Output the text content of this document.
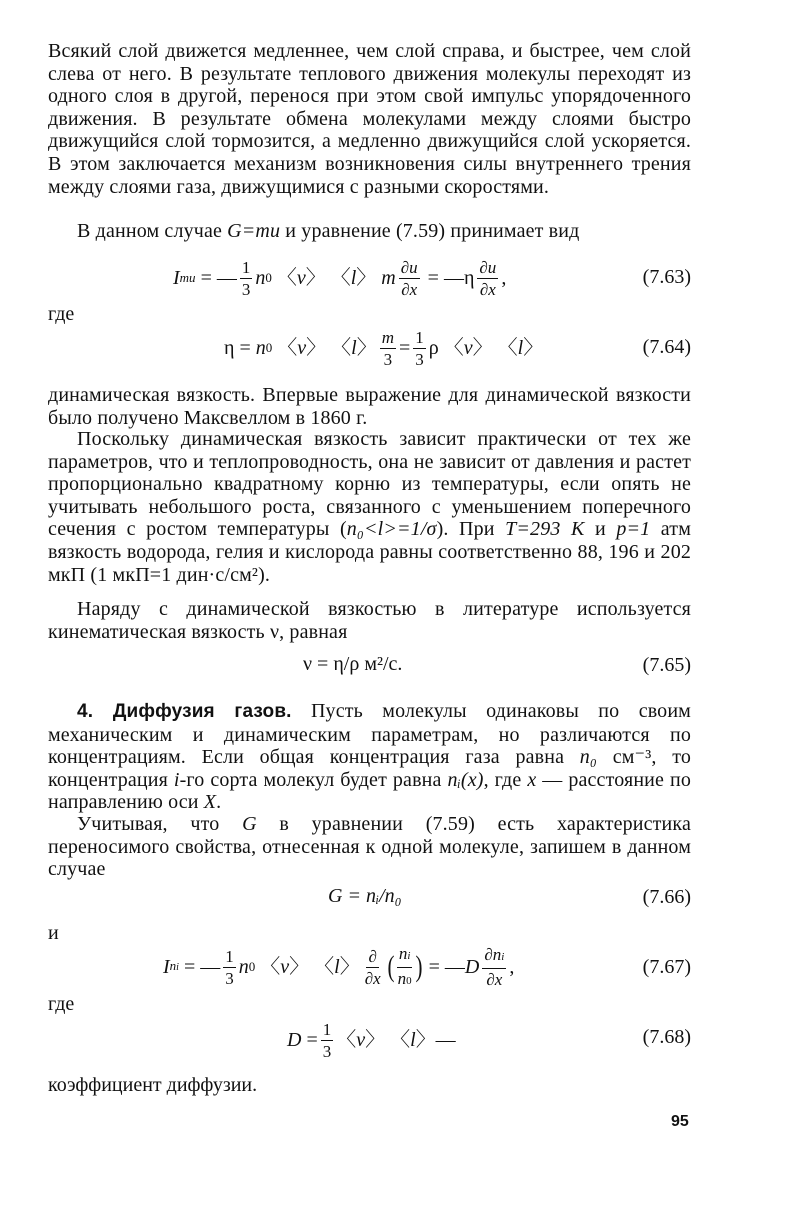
Всякий слой движется медленнее, чем слой справа, и быстрее, чем слой слева от него. В результате теплового движения молекулы переходят из одного слоя в другой, перенося при этом свой импульс упорядоченного движения. В результате обмена молекулами между слоями быстро движущийся слой тормозится, а медленно движущийся слой ускоряется. В этом заключается механизм возникновения силы внутреннего трения между слоями газа, движущимися с разными скоростями.

В данном случае G=mu и уравнение (7.59) принимает вид

I mu = — $\frac{1}{3}$ n 0 〈 v 〉 〈 l 〉 m $\frac{\partial u}{\partial x}$ = —η $\frac{\partial u}{\partial x}$ ,	(7.63)

где

η = n 0 〈 v 〉 〈 l 〉 $\frac{m}{3} = \frac{1}{3}$ ρ 〈 v 〉 〈 l 〉	(7.64)

динамическая вязкость. Впервые выражение для динамической вязкости было получено Максвеллом в 1860 г.

Поскольку динамическая вязкость зависит практически от тех же параметров, что и теплопроводность, она не зависит от давления и растет пропорционально квадратному корню из температуры, если опять не учитывать небольшого роста, связанного с уменьшением поперечного сечения с ростом температуры (n₀<l>=1/σ). При T=293 К и p=1 атм вязкость водорода, гелия и кислорода равны соответственно 88, 196 и 202 мкП (1 мкП=1 дин·с/см²).

Наряду с динамической вязкостью в литературе используется кинематическая вязкость ν, равная

ν = η/ρ м²/с.	(7.65)

4. Диффузия газов. Пусть молекулы одинаковы по своим механическим и динамическим параметрам, но различаются по концентрациям. Если общая концентрация газа равна n₀ см⁻³, то концентрация i-го сорта молекул будет равна nᵢ(x), где x — расстояние по направлению оси X.

Учитывая, что G в уравнении (7.59) есть характеристика переносимого свойства, отнесенная к одной молекуле, запишем в данном случае

G = nᵢ/n₀	(7.66)

и

I ni = — $\frac{1}{3}$ n 0 〈 v 〉 〈 l 〉 $\frac{\partial}{\partial x}$ ( $\frac{ni}{n0}$ ) = — D $\frac{\partial ni}{\partial x}$ ,	(7.67)

где

$D = \frac{1}{3}$ 〈 v 〉 〈 l 〉—	(7.68)

коэффициент диффузии.

95
